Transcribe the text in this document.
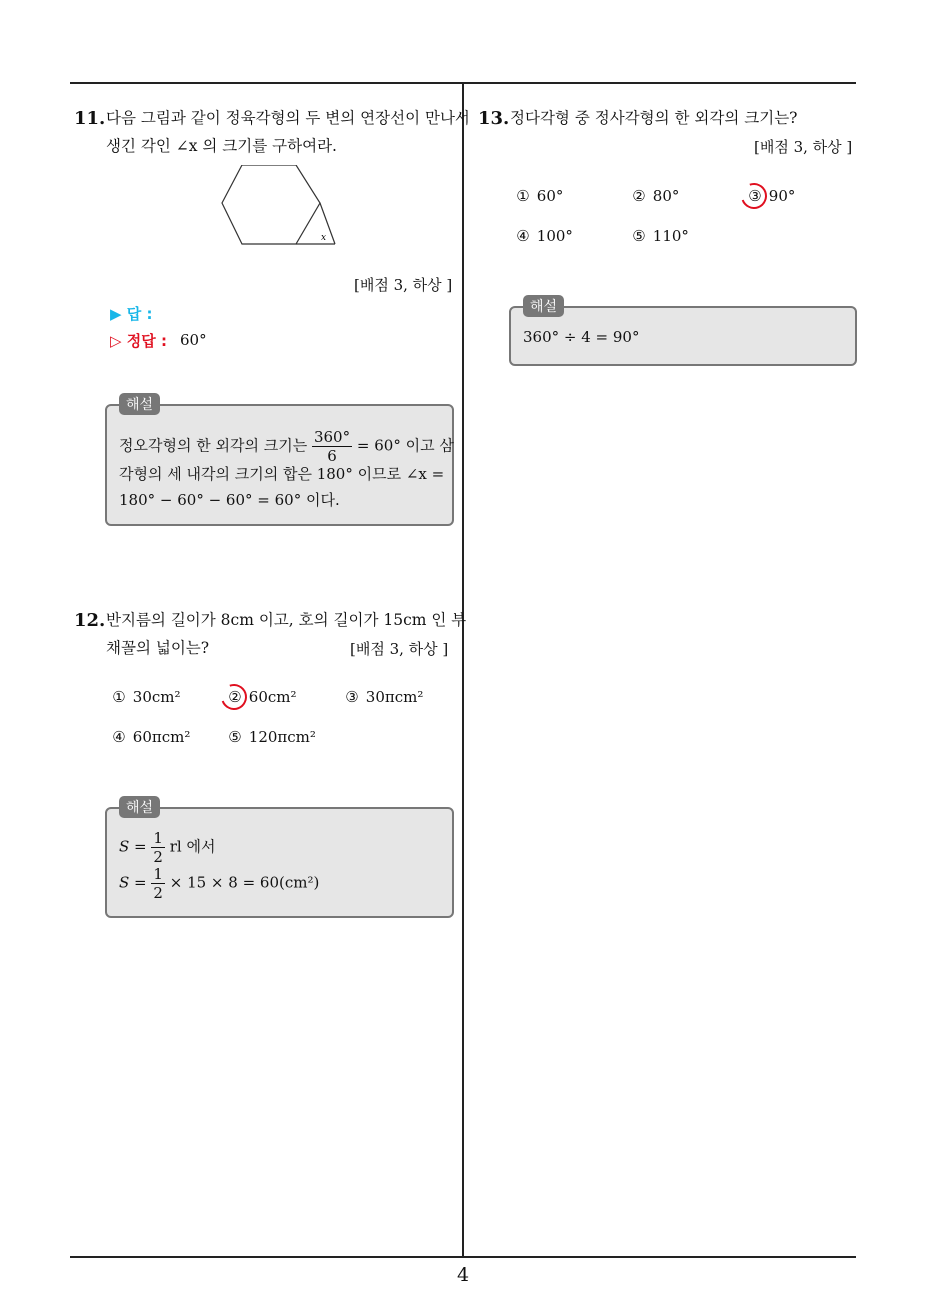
4
11. 다음 그림과 같이 정육각형의 두 변의 연장선이 만나서
생긴 각인 ∠x 의 크기를 구하여라.
x
[배점 3, 하상 ]
▶ 답 :
▷ 정답 : 60°
정오각형의 한 외각의 크기는 $\frac{360^\circ}{6} = 60^\circ$ 이고 삼
각형의 세 내각의 크기의 합은 180° 이므로 ∠x =
180° − 60° − 60° = 60° 이다.
해설
12. 반지름의 길이가 8cm 이고, 호의 길이가 15cm 인 부
채꼴의 넓이는?	[배점 3, 하상 ]
① 30cm²	② 60cm²	③ 30πcm²
④ 60πcm²	⑤ 120πcm²
$S = \frac{1}{2}$ rl 에서
$S = \frac{1}{2} \times 15 \times 8 = 60(cm^2)$
해설
13. 정다각형 중 정사각형의 한 외각의 크기는?
[배점 3, 하상 ]
① 60°	② 80°	③ 90°
④ 100°	⑤ 110°
360° ÷ 4 = 90°
해설
